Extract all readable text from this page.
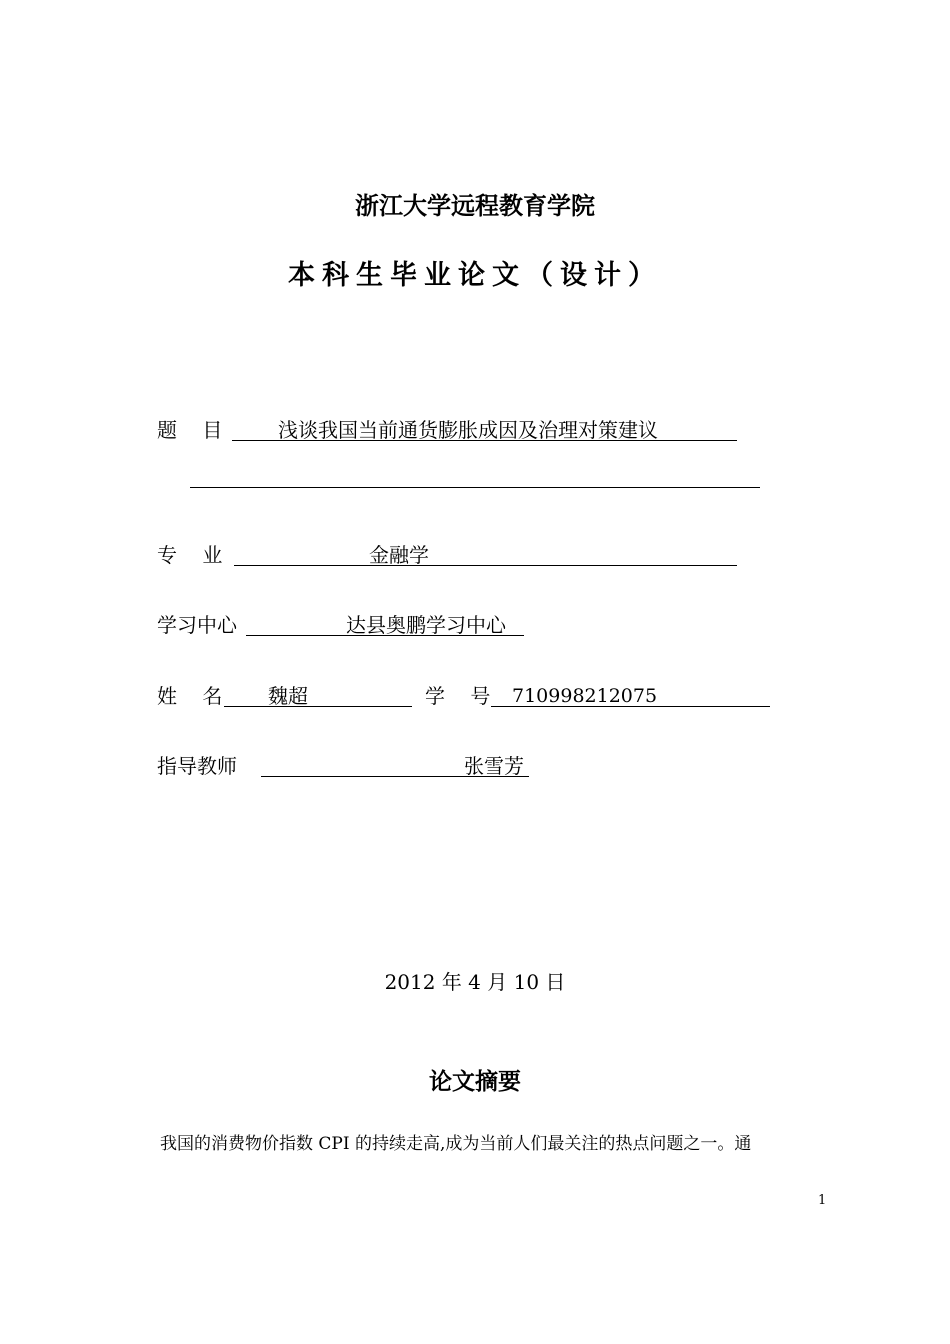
浙江大学远程教育学院
本科生毕业论文（设计）
题    目	浅谈我国当前通货膨胀成因及治理对策建议
专    业	金融学
学习中心	达县奥鹏学习中心
姓    名 魏超	学    号 710998212075
指导教师	张雪芳
2012 年 4 月 10 日
论文摘要
我国的消费物价指数 CPI 的持续走高,成为当前人们最关注的热点问题之一。通
1
